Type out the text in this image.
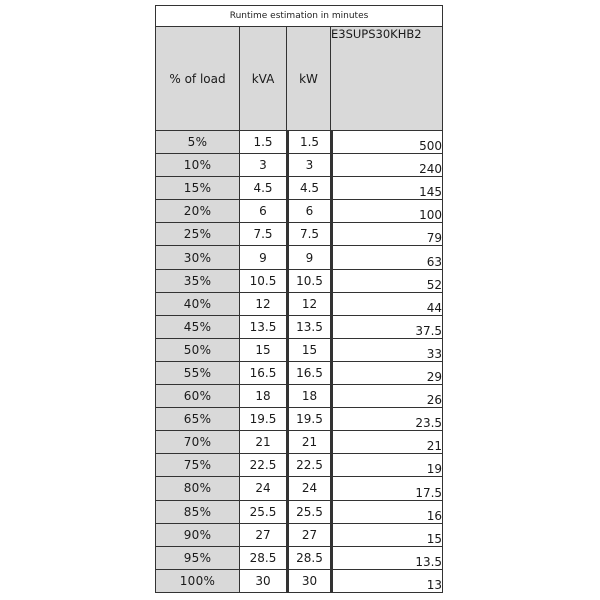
Runtime estimation in minutes			
% of load	kVA	kW	E3SUPS30KHB2
5%	1.5	1.5	500
10%	3	3	240
15%	4.5	4.5	145
20%	6	6	100
25%	7.5	7.5	79
30%	9	9	63
35%	10.5	10.5	52
40%	12	12	44
45%	13.5	13.5	37.5
50%	15	15	33
55%	16.5	16.5	29
60%	18	18	26
65%	19.5	19.5	23.5
70%	21	21	21
75%	22.5	22.5	19
80%	24	24	17.5
85%	25.5	25.5	16
90%	27	27	15
95%	28.5	28.5	13.5
100%	30	30	13
